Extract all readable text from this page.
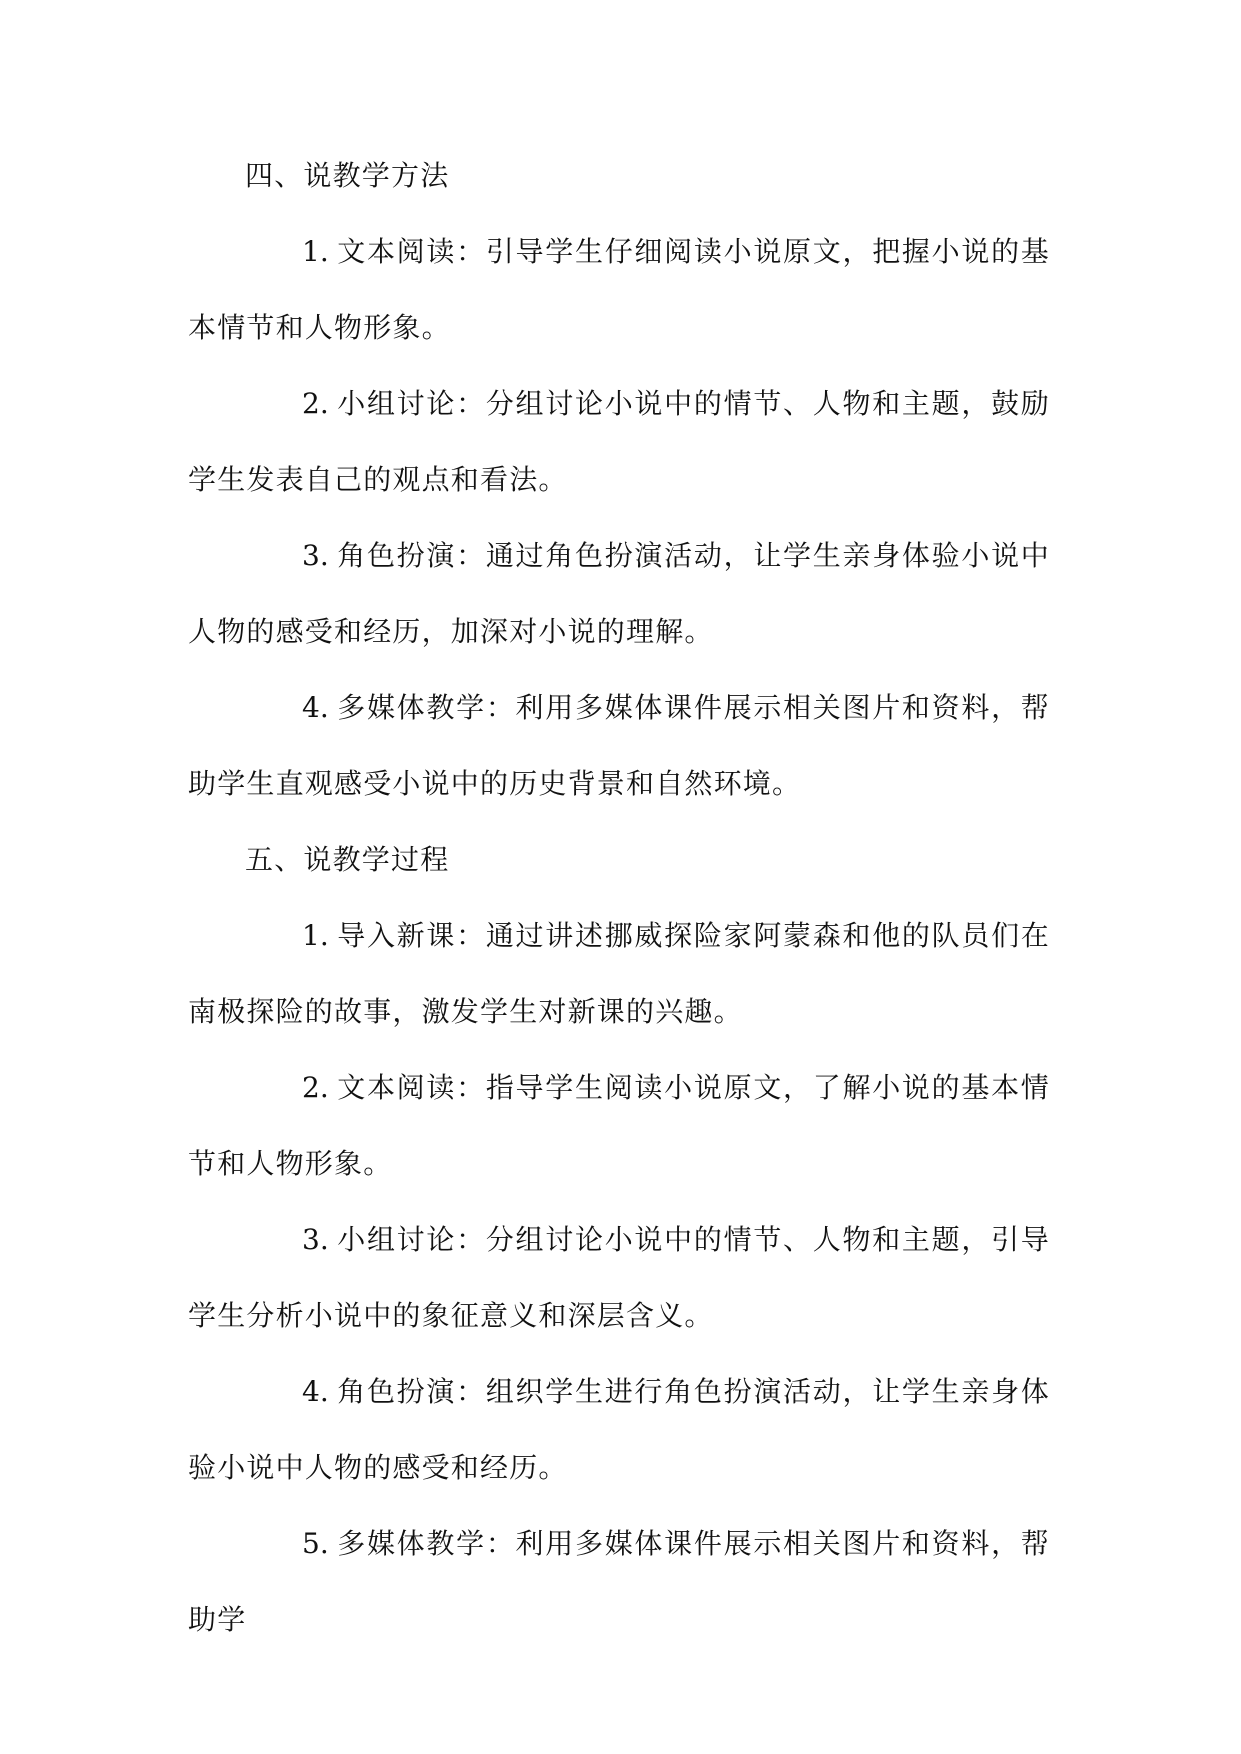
四、说教学方法

1. 文本阅读：引导学生仔细阅读小说原文，把握小说的基本情节和人物形象。

2. 小组讨论：分组讨论小说中的情节、人物和主题，鼓励学生发表自己的观点和看法。

3. 角色扮演：通过角色扮演活动，让学生亲身体验小说中人物的感受和经历，加深对小说的理解。

4. 多媒体教学：利用多媒体课件展示相关图片和资料，帮助学生直观感受小说中的历史背景和自然环境。

五、说教学过程

1. 导入新课：通过讲述挪威探险家阿蒙森和他的队员们在南极探险的故事，激发学生对新课的兴趣。

2. 文本阅读：指导学生阅读小说原文，了解小说的基本情节和人物形象。

3. 小组讨论：分组讨论小说中的情节、人物和主题，引导学生分析小说中的象征意义和深层含义。

4. 角色扮演：组织学生进行角色扮演活动，让学生亲身体验小说中人物的感受和经历。

5. 多媒体教学：利用多媒体课件展示相关图片和资料，帮助学
